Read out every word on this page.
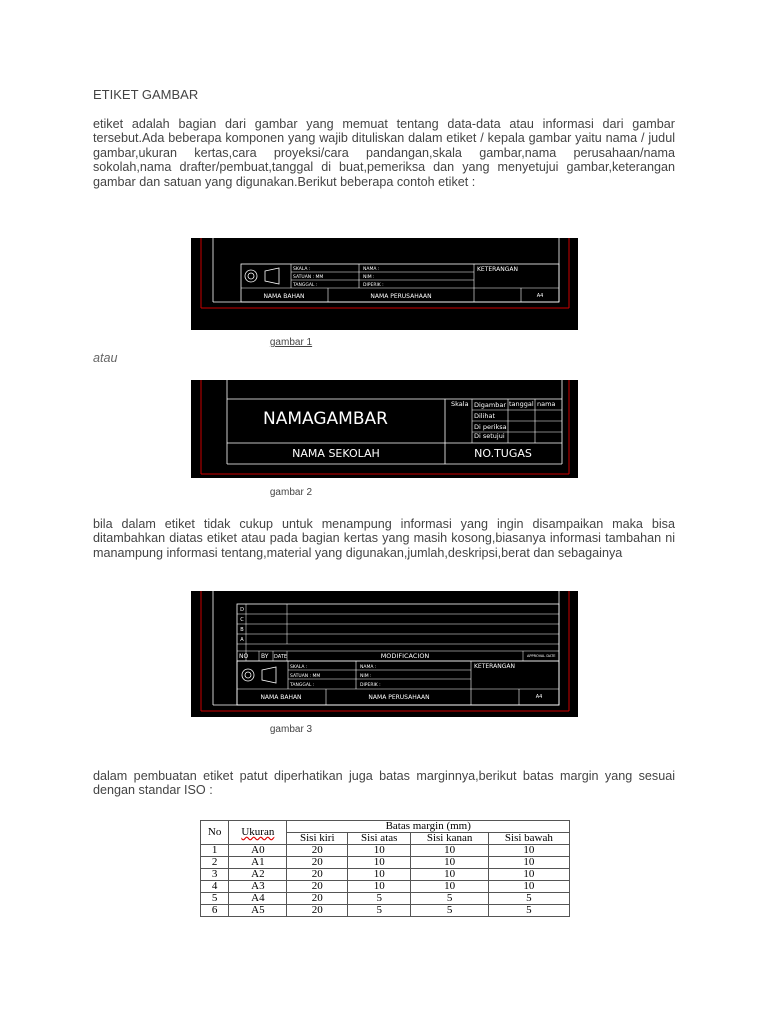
ETIKET GAMBAR
etiket adalah bagian dari gambar yang memuat tentang data-data atau informasi dari gambar tersebut.Ada beberapa komponen yang wajib dituliskan dalam etiket / kepala gambar yaitu nama / judul gambar,ukuran kertas,cara proyeksi/cara pandangan,skala gambar,nama perusahaan/nama sokolah,nama drafter/pembuat,tanggal di buat,pemeriksa dan yang menyetujui gambar,keterangan gambar dan satuan yang digunakan.Berikut beberapa contoh etiket :
atau
bila dalam etiket tidak cukup untuk menampung informasi yang ingin disampaikan maka bisa ditambahkan diatas etiket atau pada bagian kertas yang masih kosong,biasanya informasi tambahan ni manampung informasi tentang,material yang digunakan,jumlah,deskripsi,berat dan sebagainya
dalam pembuatan etiket patut diperhatikan juga batas marginnya,berikut batas margin yang sesuai dengan standar ISO :
SKALA :
SATUAN : MM
TANGGAL :
NAMA :
NIM :
DIPERIK :
KETERANGAN
NAMA BAHAN	NAMA PERUSAHAAN	A4
gambar 1
NAMAGAMBAR
NAMA SEKOLAH	NO.TUGAS
Skala Digambar tanggal nama
Dilihat
Di periksa
Di setujui
gambar 2
D
C
B
A
NO BY DATE	MODIFICACION	APPROVAL DATE
SKALA :
SATUAN : MM
TANGGAL :
NAMA :
NIM :
DIPERIK :
KETERANGAN
NAMA BAHAN	NAMA PERUSAHAAN	A4
gambar 3
No	Ukuran	Batas margin (mm)			
		Sisi kiri	Sisi atas	Sisi kanan	Sisi bawah
1	A0	20	10	10	10
2	A1	20	10	10	10
3	A2	20	10	10	10
4	A3	20	10	10	10
5	A4	20	5	5	5
6	A5	20	5	5	5
